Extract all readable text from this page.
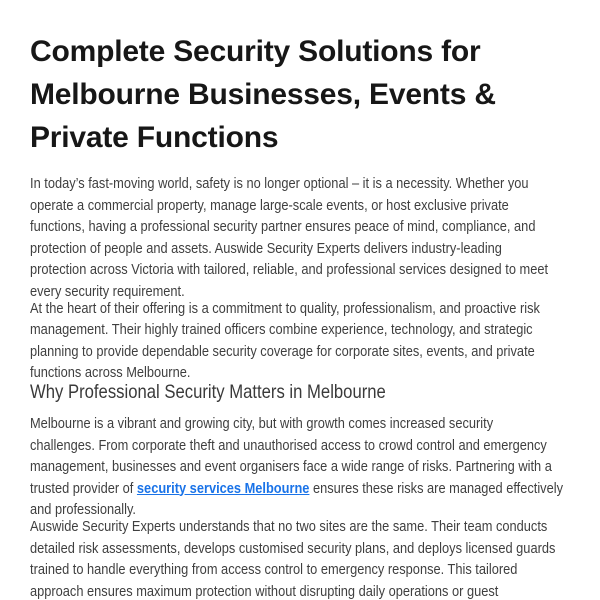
Complete Security Solutions for
Melbourne Businesses, Events &
Private Functions

In today’s fast-moving world, safety is no longer optional – it is a necessity. Whether you
operate a commercial property, manage large-scale events, or host exclusive private
functions, having a professional security partner ensures peace of mind, compliance, and
protection of people and assets. Auswide Security Experts delivers industry-leading
protection across Victoria with tailored, reliable, and professional services designed to meet
every security requirement.

At the heart of their offering is a commitment to quality, professionalism, and proactive risk
management. Their highly trained officers combine experience, technology, and strategic
planning to provide dependable security coverage for corporate sites, events, and private
functions across Melbourne.

Why Professional Security Matters in Melbourne

Melbourne is a vibrant and growing city, but with growth comes increased security
challenges. From corporate theft and unauthorised access to crowd control and emergency
management, businesses and event organisers face a wide range of risks. Partnering with a
trusted provider of security services Melbourne ensures these risks are managed effectively
and professionally.

Auswide Security Experts understands that no two sites are the same. Their team conducts
detailed risk assessments, develops customised security plans, and deploys licensed guards
trained to handle everything from access control to emergency response. This tailored
approach ensures maximum protection without disrupting daily operations or guest
